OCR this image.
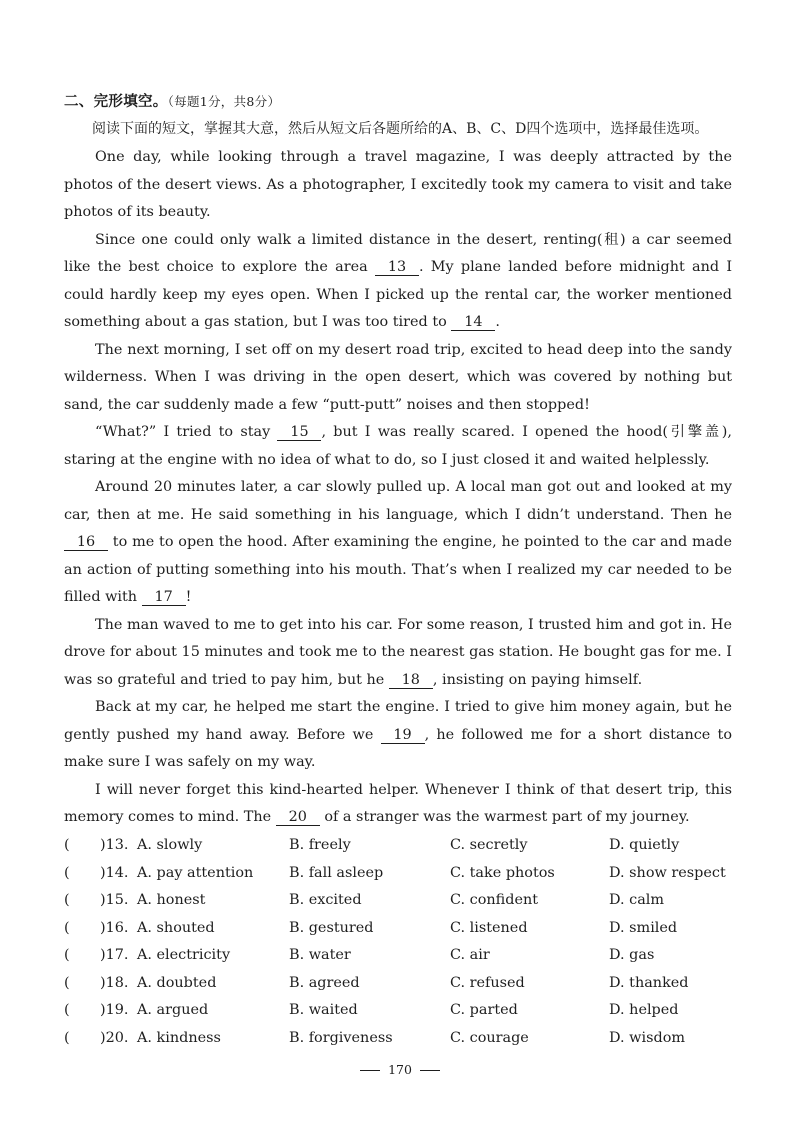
二、完形填空。（每题1分，共8分）
阅读下面的短文，掌握其大意，然后从短文后各题所给的A、B、C、D四个选项中，选择最佳选项。

One day, while looking through a travel magazine, I was deeply attracted by the photos of the desert views. As a photographer, I excitedly took my camera to visit and take photos of its beauty.

Since one could only walk a limited distance in the desert, renting(租) a car seemed like the best choice to explore the area 13 . My plane landed before midnight and I could hardly keep my eyes open. When I picked up the rental car, the worker mentioned something about a gas station, but I was too tired to 14 .

The next morning, I set off on my desert road trip, excited to head deep into the sandy wilderness. When I was driving in the open desert, which was covered by nothing but sand, the car suddenly made a few “putt-putt” noises and then stopped!

“What?” I tried to stay 15 , but I was really scared. I opened the hood(引擎盖), staring at the engine with no idea of what to do, so I just closed it and waited helplessly.

Around 20 minutes later, a car slowly pulled up. A local man got out and looked at my car, then at me. He said something in his language, which I didn’t understand. Then he 16 to me to open the hood. After examining the engine, he pointed to the car and made an action of putting something into his mouth. That’s when I realized my car needed to be filled with 17 !

The man waved to me to get into his car. For some reason, I trusted him and got in. He drove for about 15 minutes and took me to the nearest gas station. He bought gas for me. I was so grateful and tried to pay him, but he 18 , insisting on paying himself.

Back at my car, he helped me start the engine. I tried to give him money again, but he gently pushed my hand away. Before we 19 , he followed me for a short distance to make sure I was safely on my way.

I will never forget this kind-hearted helper. Whenever I think of that desert trip, this memory comes to mind. The 20 of a stranger was the warmest part of my journey.

( )13. A. slowly	B. freely	C. secretly	D. quietly
( )14. A. pay attention B. fall asleep	C. take photos	D. show respect
( )15. A. honest	B. excited	C. confident	D. calm
( )16. A. shouted	B. gestured	C. listened	D. smiled
( )17. A. electricity	B. water	C. air	D. gas
( )18. A. doubted	B. agreed	C. refused	D. thanked
( )19. A. argued	B. waited	C. parted	D. helped
( )20. A. kindness	B. forgiveness	C. courage	D. wisdom
170
